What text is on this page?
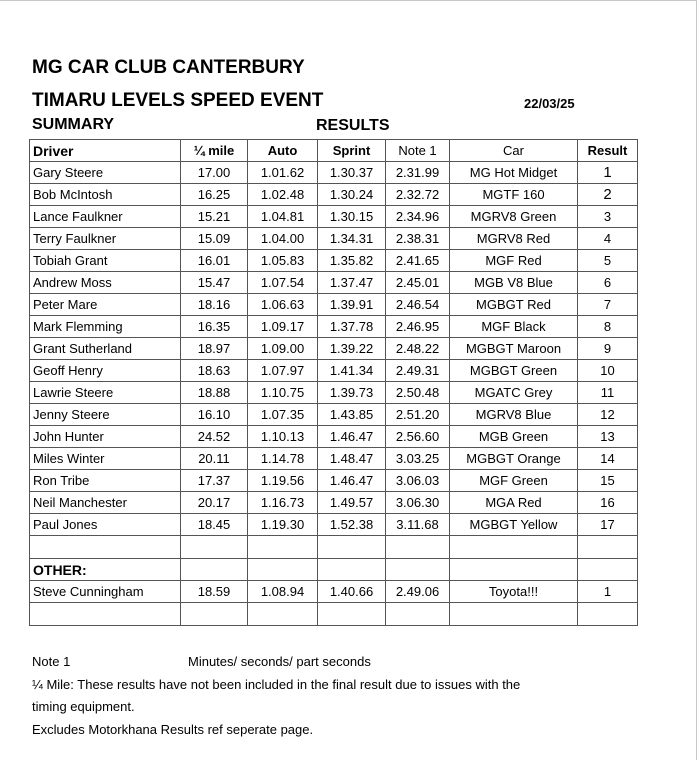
MG CAR CLUB CANTERBURY
TIMARU LEVELS SPEED EVENT	22/03/25
SUMMARY	RESULTS
Driver	¼ mile	Auto	Sprint	Note 1	Car	Result
Gary Steere	17.00	1.01.62	1.30.37	2.31.99	MG Hot Midget	1
Bob McIntosh	16.25	1.02.48	1.30.24	2.32.72	MGTF 160	2
Lance Faulkner	15.21	1.04.81	1.30.15	2.34.96	MGRV8 Green	3
Terry Faulkner	15.09	1.04.00	1.34.31	2.38.31	MGRV8 Red	4
Tobiah Grant	16.01	1.05.83	1.35.82	2.41.65	MGF Red	5
Andrew Moss	15.47	1.07.54	1.37.47	2.45.01	MGB V8 Blue	6
Peter Mare	18.16	1.06.63	1.39.91	2.46.54	MGBGT Red	7
Mark Flemming	16.35	1.09.17	1.37.78	2.46.95	MGF Black	8
Grant Sutherland	18.97	1.09.00	1.39.22	2.48.22	MGBGT Maroon	9
Geoff Henry	18.63	1.07.97	1.41.34	2.49.31	MGBGT Green	10
Lawrie Steere	18.88	1.10.75	1.39.73	2.50.48	MGATC Grey	11
Jenny Steere	16.10	1.07.35	1.43.85	2.51.20	MGRV8 Blue	12
John Hunter	24.52	1.10.13	1.46.47	2.56.60	MGB Green	13
Miles Winter	20.11	1.14.78	1.48.47	3.03.25	MGBGT Orange	14
Ron Tribe	17.37	1.19.56	1.46.47	3.06.03	MGF Green	15
Neil Manchester	20.17	1.16.73	1.49.57	3.06.30	MGA Red	16
Paul Jones	18.45	1.19.30	1.52.38	3.11.68	MGBGT Yellow	17

OTHER:						
Steve Cunningham	18.59	1.08.94	1.40.66	2.49.06	Toyota!!!	1

Note 1	Minutes/ seconds/ part seconds
¼ Mile: These results have not been included in the final result due to issues with the
timing equipment.
Excludes Motorkhana Results ref seperate page.
